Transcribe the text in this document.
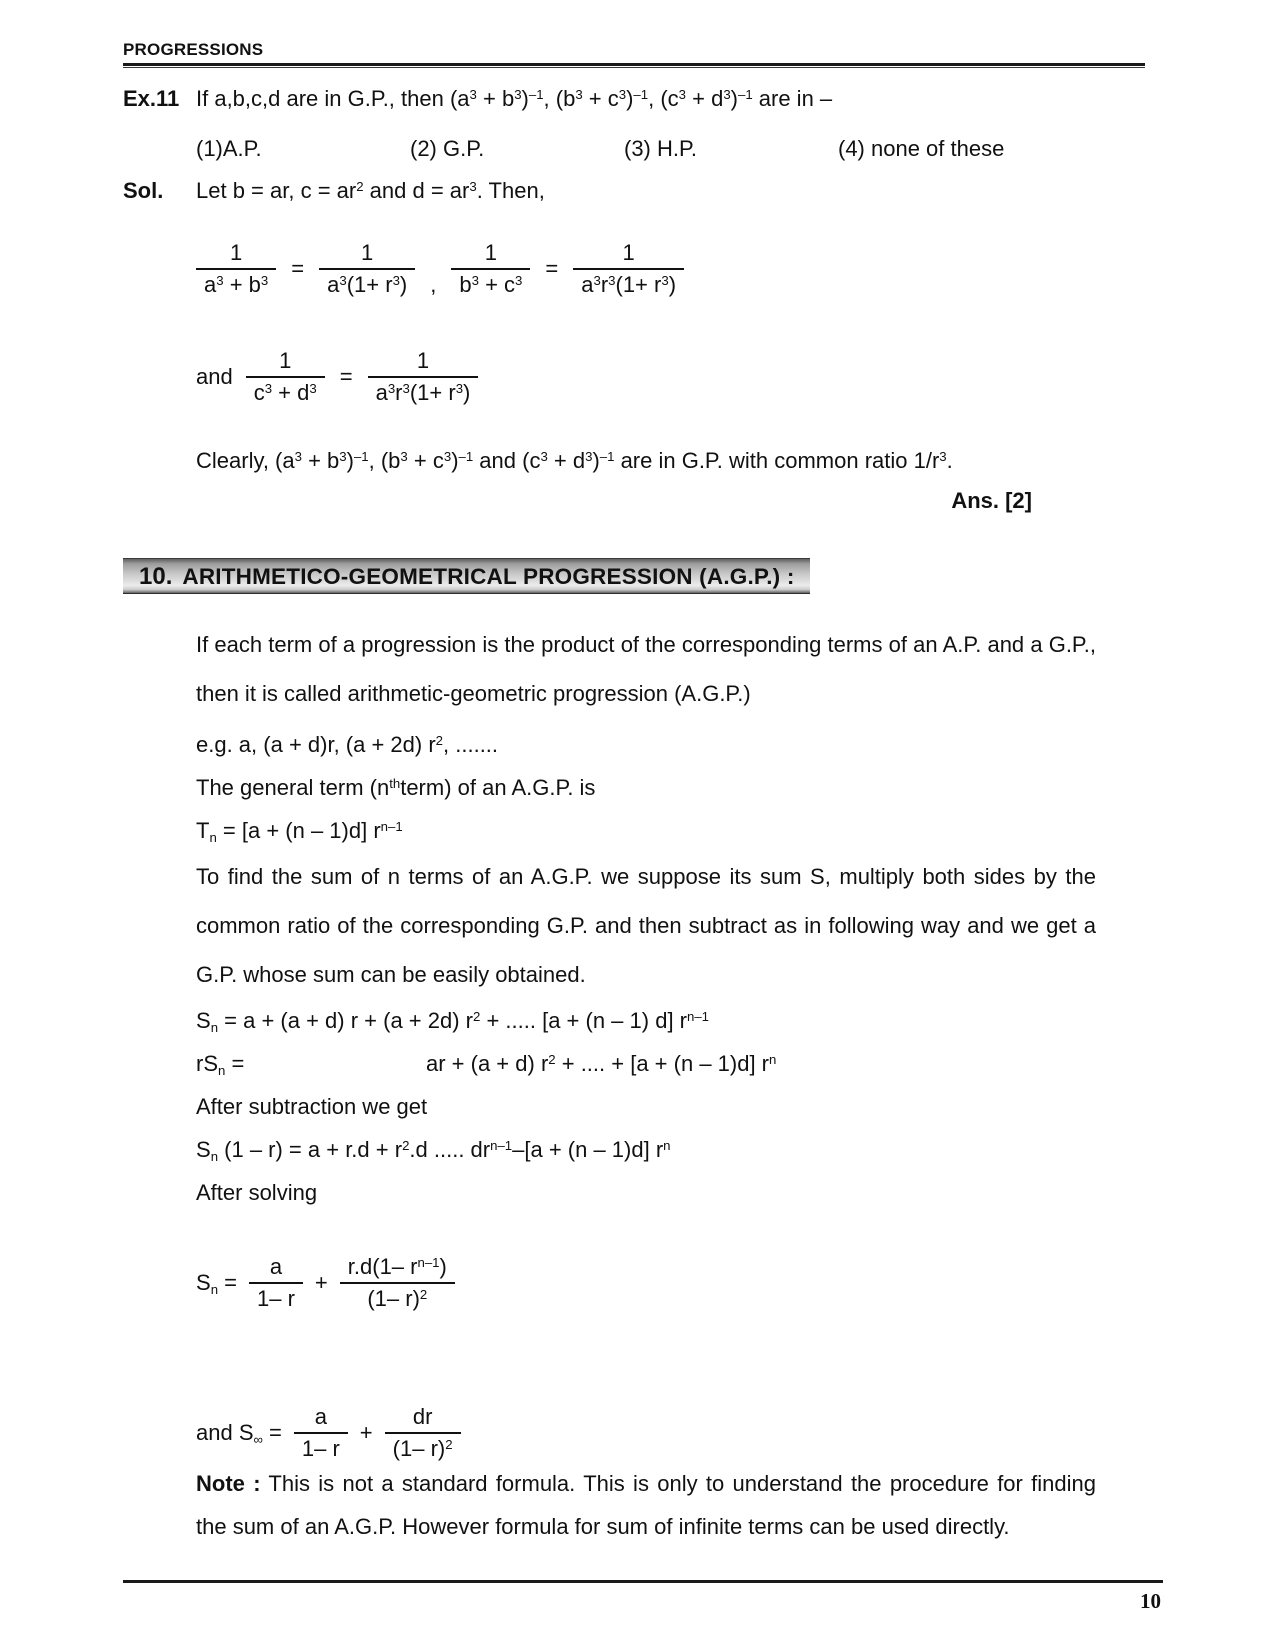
PROGRESSIONS
Ex.11 If a,b,c,d are in G.P., then $(a^3 + b^3)^{-1}$, $(b^3 + c^3)^{-1}$, $(c^3 + d^3)^{-1}$ are in –
(1)A.P.	(2) G.P.	(3) H.P.	(4) none of these
Sol.	Let b = ar, $c = ar^2$ and $d = ar^3$. Then,
$\frac{1}{a^3 + b^3} = \frac{1}{a^3(1+ r^3)}$ , $\frac{1}{b^3 + c^3} = \frac{1}{a^3r^3(1+ r^3)}$
and $\frac{1}{c^3 + d^3} = \frac{1}{a^3r^3(1+ r^3)}$
Clearly, $(a^3 + b^3)^{-1}$, $(b^3 + c^3)^{-1}$ and $(c^3 + d^3)^{-1}$ are in G.P. with common ratio $1/r^3$.
Ans. [2]
10. ARITHMETICO-GEOMETRICAL PROGRESSION (A.G.P.) :

If each term of a progression is the product of the corresponding terms of an A.P. and a G.P., then it is called arithmetic-geometric progression (A.G.P.)

e.g. a, (a + d)r, (a + 2d) $r^2$, .......

The general term $(n^{th}term)$ of an A.G.P. is

$T_n = [a + (n - 1)d]$ $r^{n-1}$

To find the sum of n terms of an A.G.P. we suppose its sum S, multiply both sides by the common ratio of the corresponding G.P. and then subtract as in following way and we get a G.P. whose sum can be easily obtained.

$S_n = a + (a + d) r + (a + 2d) r^2$ + ..... [a + (n – 1) d] $r^{n-1}$

$rS_n$ =	ar + (a + d) $r^2$ + .... + [a + (n – 1)d] $r^n$

After subtraction we get

$S_n$ $(1 - r) = a + r.d + r^2.d$ ..... $dr^{n-1}-[a + (n - 1)d]$ $r^n$

After solving

$S_n = \frac{a}{1- r} + \frac{r.d(1- r^{n-1})}{(1- r)^2}$
and $S_\infty = \frac{a}{1- r} + \frac{dr}{(1- r)^2}$

Note : This is not a standard formula. This is only to understand the procedure for finding the sum of an A.G.P. However formula for sum of infinite terms can be used directly.

10
